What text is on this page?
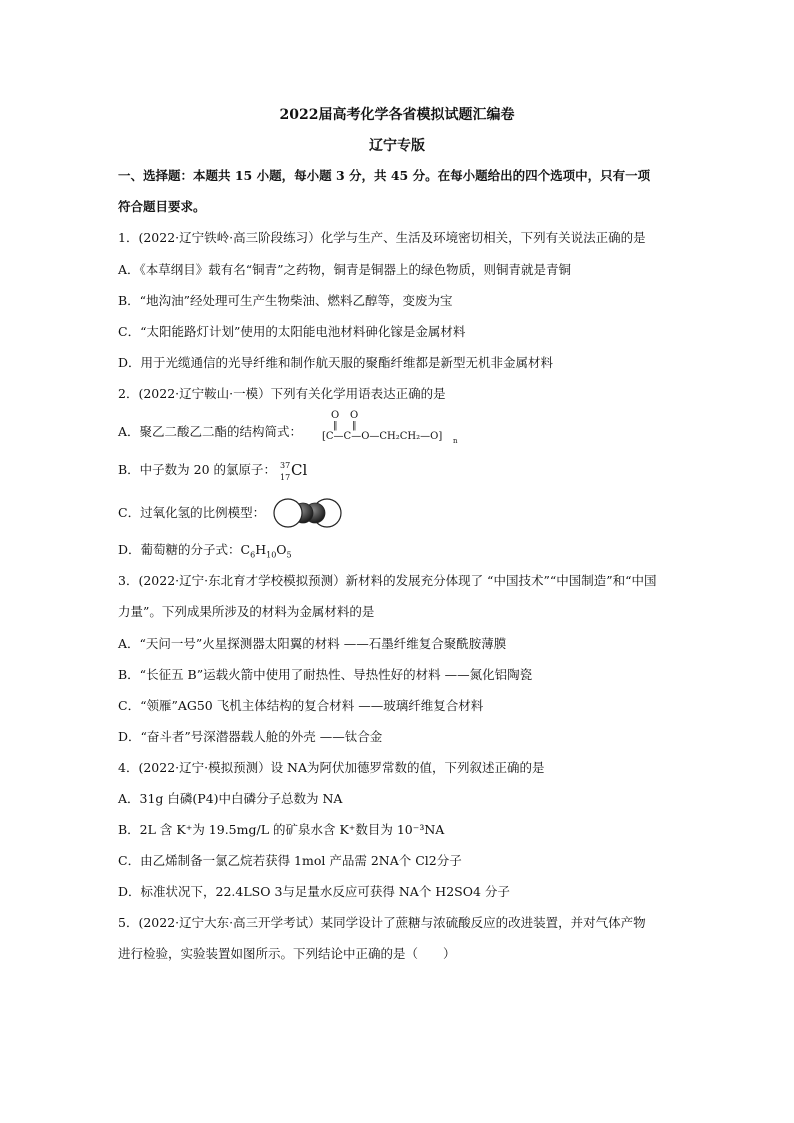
2022届高考化学各省模拟试题汇编卷
辽宁专版
一、选择题：本题共 15 小题，每小题 3 分，共 45 分。在每小题给出的四个选项中，只有一项
符合题目要求。
1．(2022·辽宁铁岭·高三阶段练习）化学与生产、生活及环境密切相关，下列有关说法正确的是
A．《本草纲目》载有名“铜青”之药物，铜青是铜器上的绿色物质，则铜青就是青铜
B．“地沟油”经处理可生产生物柴油、燃料乙醇等，变废为宝
C．“太阳能路灯计划”使用的太阳能电池材料砷化镓是金属材料
D．用于光缆通信的光导纤维和制作航天服的聚酯纤维都是新型无机非金属材料
2．(2022·辽宁鞍山·一模）下列有关化学用语表达正确的是
A．聚乙二酸乙二酯的结构简式：
O O
‖ ‖
[C—C—O—CH₂CH₂—O] n
B．中子数为 20 的氯原子： 37
17 Cl
C．过氧化氢的比例模型：
D．葡萄糖的分子式：$C_6H_{10}O_5$
3．(2022·辽宁·东北育才学校模拟预测）新材料的发展充分体现了 “中国技术”“中国制造”和“中国
力量”。下列成果所涉及的材料为金属材料的是
A．“天问一号”火星探测器太阳翼的材料 ——石墨纤维复合聚酰胺薄膜
B．“长征五 B”运载火箭中使用了耐热性、导热性好的材料 ——氮化铝陶瓷
C．“领雁”AG50 飞机主体结构的复合材料 ——玻璃纤维复合材料
D．“奋斗者”号深潜器载人舱的外壳 ——钛合金
4．(2022·辽宁·模拟预测）设 NA为阿伏加德罗常数的值，下列叙述正确的是
A．31g 白磷(P4)中白磷分子总数为 NA
B．2L 含 K⁺为 19.5mg/L 的矿泉水含 K⁺数目为 10⁻³NA
C．由乙烯制备一氯乙烷若获得 1mol 产品需 2NA个 Cl2分子
D．标准状况下，22.4LSO 3与足量水反应可获得 NA个 H2SO4 分子
5．(2022·辽宁大东·高三开学考试）某同学设计了蔗糖与浓硫酸反应的改进装置，并对气体产物
进行检验，实验装置如图所示。下列结论中正确的是（　　）
